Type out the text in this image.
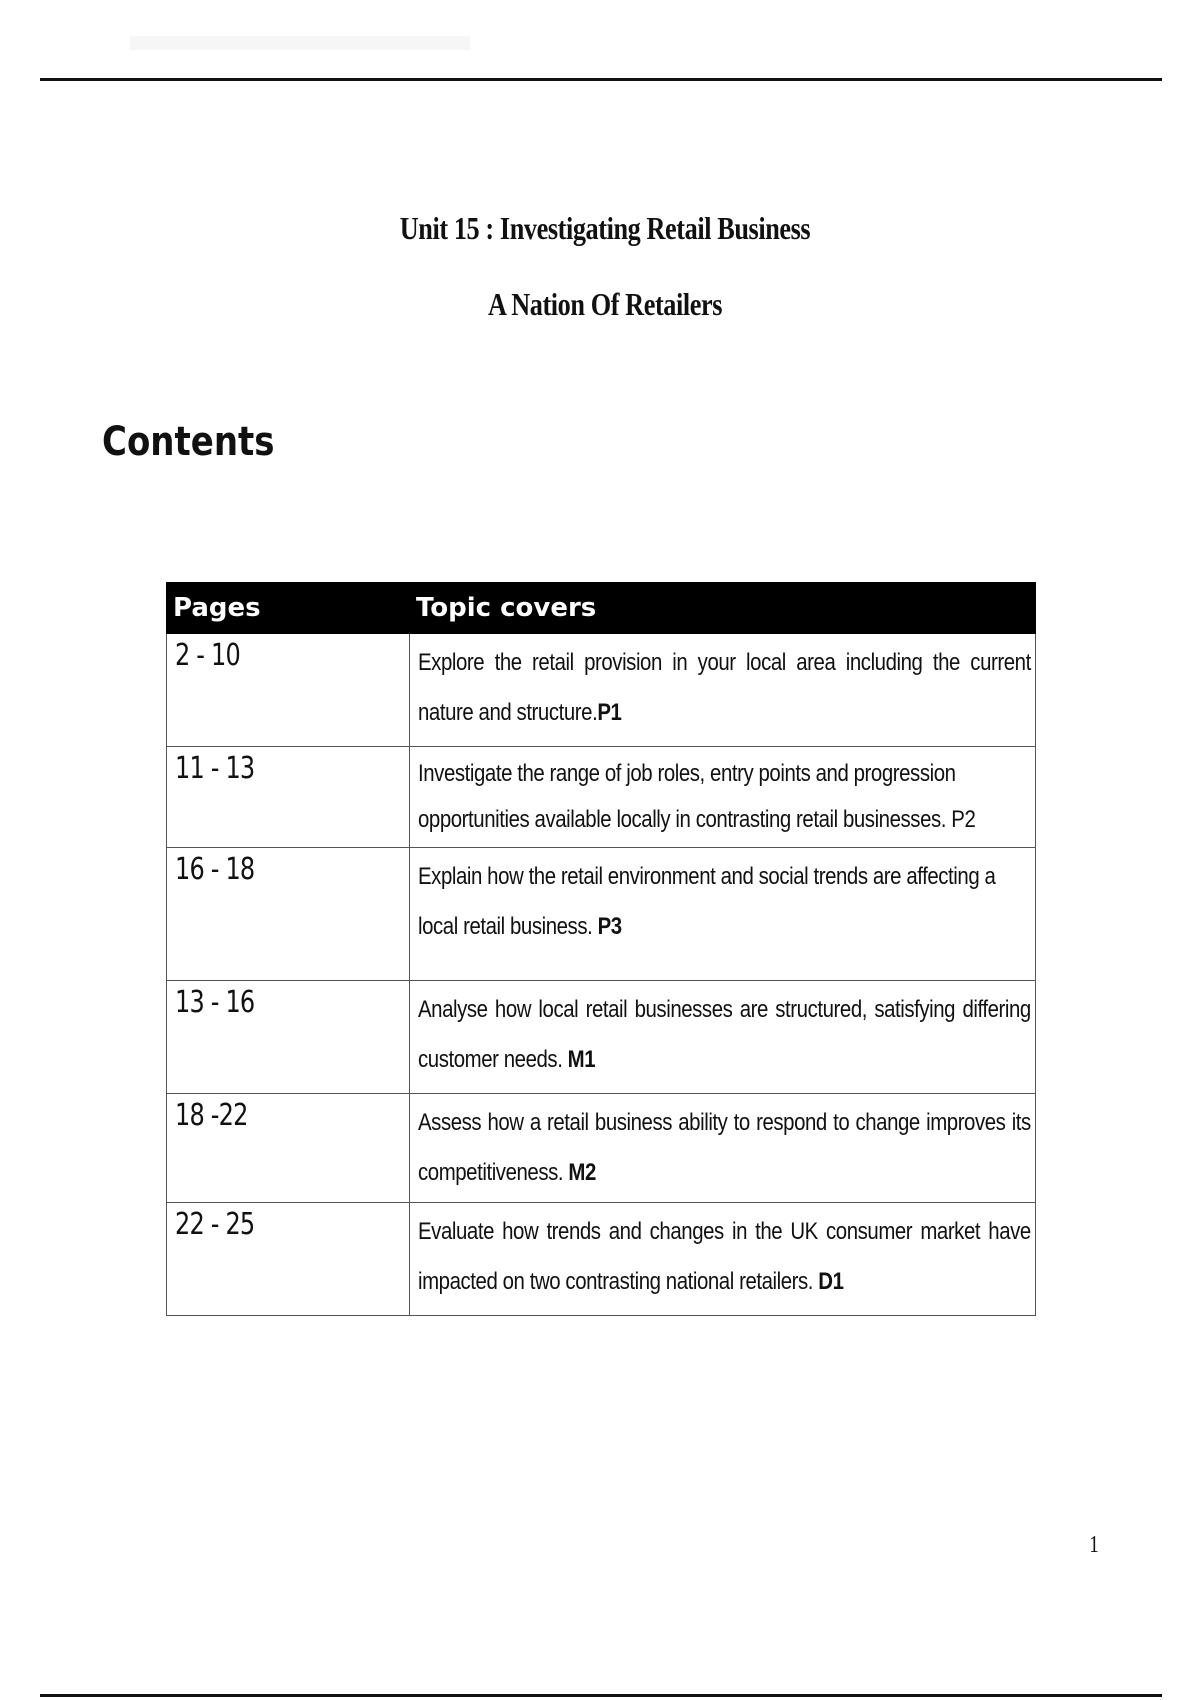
Unit 15 : Investigating Retail Business
A Nation Of Retailers
Contents
Pages	Topic covers
2 - 10	Explore the retail provision in your local area including the current nature and structure.P1

11 - 13	Investigate the range of job roles, entry points and progression opportunities available locally in contrasting retail businesses. P2

16 - 18	Explain how the retail environment and social trends are affecting a local retail business. P3

13 - 16	Analyse how local retail businesses are structured, satisfying differing customer needs. M1

18 -22	Assess how a retail business ability to respond to change improves its competitiveness. M2

22 - 25	Evaluate how trends and changes in the UK consumer market have impacted on two contrasting national retailers. D1
1
